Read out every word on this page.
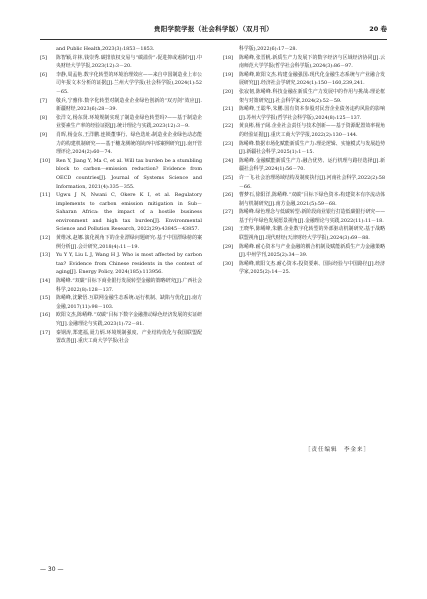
贵阳学院学报（社会科学版）（双月刊）	20 卷
and Public Health,2023(3):1853－1853.
[5] 陈智颖,许林,钱崇秀.碳排放权交易与“碳溢价”:促进抑或遏制?[J].中央财经大学学报,2023(12):3－20.
[6] 李静,周孟艳.数字化转型的环境治理效应——来自中国制造业上市公司年报文本分析的证据[J].兰州大学学报(社会科学版),2024(1):52－65.
[7] 敬兵,宁雅伟.数字化转型对制造业企业绿色创新的“双刃剑”效应[J].新疆财经,2023(6):28－39.
[8] 张洋文,杨东贤.环境规制实现了制造业绿色转型吗?——基于制造企业要素生产率的经验证据[J].统计理论与实践,2023(12):3－9.
[9] 肖晖,杨金东,王洋鹏.连锁董事行、绿色选址:制造业企业绿色动态能力的构建机制研究——基于穗龙测统的陕西中部案例研究[J].南开管理评论,2024(2):60－74.
[10] Ren Y, Jiang Y, Ma C, et al. Will tax burden be a stumbling block to carbon－emission reduction? Evidence from OECD countries[J]. Journal of Systems Science and Information, 2021(4):335－355.
[11] Ugwu J N, Nwani C, Okere K I, et al. Regulatory implements to carbon emission mitigation in Sub－Saharan Africa: the impact of a hostile business environment and high tax burden[J]. Environmental Science and Pollution Research, 2022(29):43845－43857.
[12] 黄维冰,赵娜.演化视角下的企业漂绿问题研究:基于中国漂绿榜的案例分析[J].会计研究,2018(4):11－19.
[13] Yu Y Y, Liu L J, Wang H J. Who is most affected by carbon tax? Evidence from Chinese residents in the context of aging[J]. Energy Policy, 2024(185):113956.
[14] 陈崤峰.“双碳”目标下商业银行发展转型金融的策略研究[J].广西社会科学,2022(8):128－137.
[15] 陈崤峰,沈繁悟.互联网金融生态系统:运行机制、缺陷与优化[J].南方金融,2017(11):98－103.
[16] 欧阳文杰,陈崤峰.“双碳”目标下数字金融推动绿色经济发展的实证研究[J].金融理论与实践,2023(1):72－81.
[17] 秦钢涛,郑建福,聂力炳.环境规制强度、产业结构优化与我国联盟配置改善[J].重庆工商大学学报(社会
科学版),2022(6):17－28.
[18] 陈崤峰,张晋帆.新质生产力发展下的数字经济与区域经济协同[J].云南师范大学学报(哲学社会科学版),2024(3):86－97.
[19] 陈崤峰,欧阳文杰.构建金融强国:现代化金融生态系统与产业融合发展研究[J].经济社会学研究,2024(1):150－160,239,241.
[20] 张寂韧,陈崤峰.科技金融在新质生产力发展中的作用与挑战:理论框架与对策研究[J].社会科学家,2024(2):52－59.
[21] 陈崤峰,王聪华,朱鹏.国有资本参股对民营企业债务违约风险的影响[J].苏州大学学报(哲学社会科学版),2024(8):125－137.
[22] 黄良彬,杨子阔.企业社会责任与技术创新——基于资源配置效率视角的经验证据[J].重庆工商大学学报,2022(2):130－144.
[23] 陈崤峰.数据市场化赋能新质生产力:理论逻辑、实施模式与发展趋势[J].新疆社会科学,2025(1):1－15.
[24] 陈崤峰.金融赋能新质生产力:融合优势、运行机理与路径选择[J].新疆社会科学,2024(1):56－70.
[25] 许一飞.社会治理场域结构及制度执行[J].河南社会科学,2022(2):58－66.
[26] 曹梦石,徐阳洋,陈崤峰.“双碳”目标下绿色资本:构建资本有序流动体制与机制研究[J].南方金融,2021(5):59－68.
[27] 陈崤峰.绿色理念与低碳转型:新阶段商业银行打造低碳银行研究——基于行年绿色发展愿景视角[J].金融理论与实践,2022(11):11－18.
[28] 王晓华,陈崤峰,朱鹏.企业数字化转型的外部驱动机制研究:基于战略联盟视角[J].现代财经(天津财经大学学报),2024(3):69－88.
[29] 陈崤峰.耐心资本与产业金融的耦合机制及赋能新质生产力金融策略[J].中州学刊,2025(2):34－39.
[30] 陈崤峰,欧阳文杰.耐心资本:投资要素、国际经验与中国路径[J].经济学家,2025(2):14－25.
［责任编辑　李金来］
— 30 —
